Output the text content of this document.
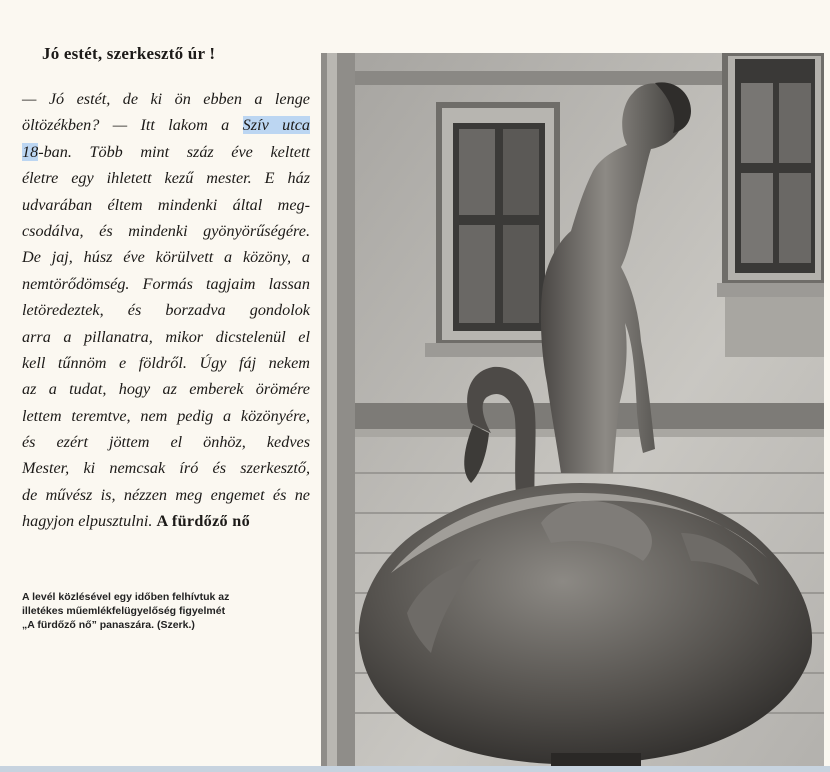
Jó estét, szerkesztő úr !
— Jó estét, de ki ön ebben a lenge
öltözékben? — Itt lakom a Szív utca
18-ban. Több mint száz éve keltett
életre egy ihletett kezű mester. E ház
udvarában éltem mindenki által meg-
csodálva, és mindenki gyönyörűségére.
De jaj, húsz éve körülvett a közöny, a
nemtörődömség. Formás tagjaim lassan
letöredeztek, és borzadva gondolok
arra a pillanatra, mikor dicstelenül el
kell tűnnöm e földről. Úgy fáj nekem
az a tudat, hogy az emberek örömére
lettem teremtve, nem pedig a közönyére,
és ezért jöttem el önhöz, kedves
Mester, ki nemcsak író és szerkesztő,
de művész is, nézzen meg engemet és ne
hagyjon elpusztulni. A fürdőző nő
A levél közlésével egy időben felhívtuk az
illetékes műemlékfelügyelőség figyelmét
„A fürdőző nő” panaszára. (Szerk.)
